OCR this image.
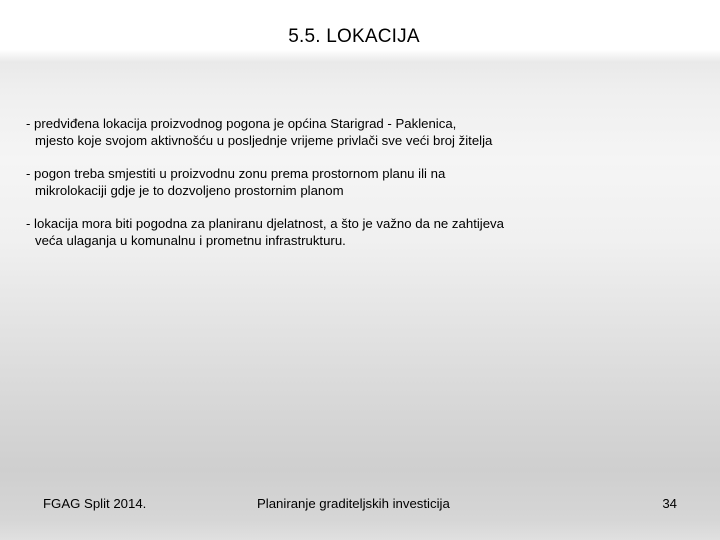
5.5. LOKACIJA
- predviđena lokacija proizvodnog pogona je općina Starigrad - Paklenica,
mjesto koje svojom aktivnošću u posljednje vrijeme privlači sve veći broj žitelja
- pogon treba smjestiti u proizvodnu zonu prema prostornom planu ili na
mikrolokaciji gdje je to dozvoljeno prostornim planom
- lokacija mora biti pogodna za planiranu djelatnost, a što je važno da ne zahtijeva
veća ulaganja u komunalnu i prometnu infrastrukturu.
FGAG Split 2014.	Planiranje graditeljskih investicija	34
